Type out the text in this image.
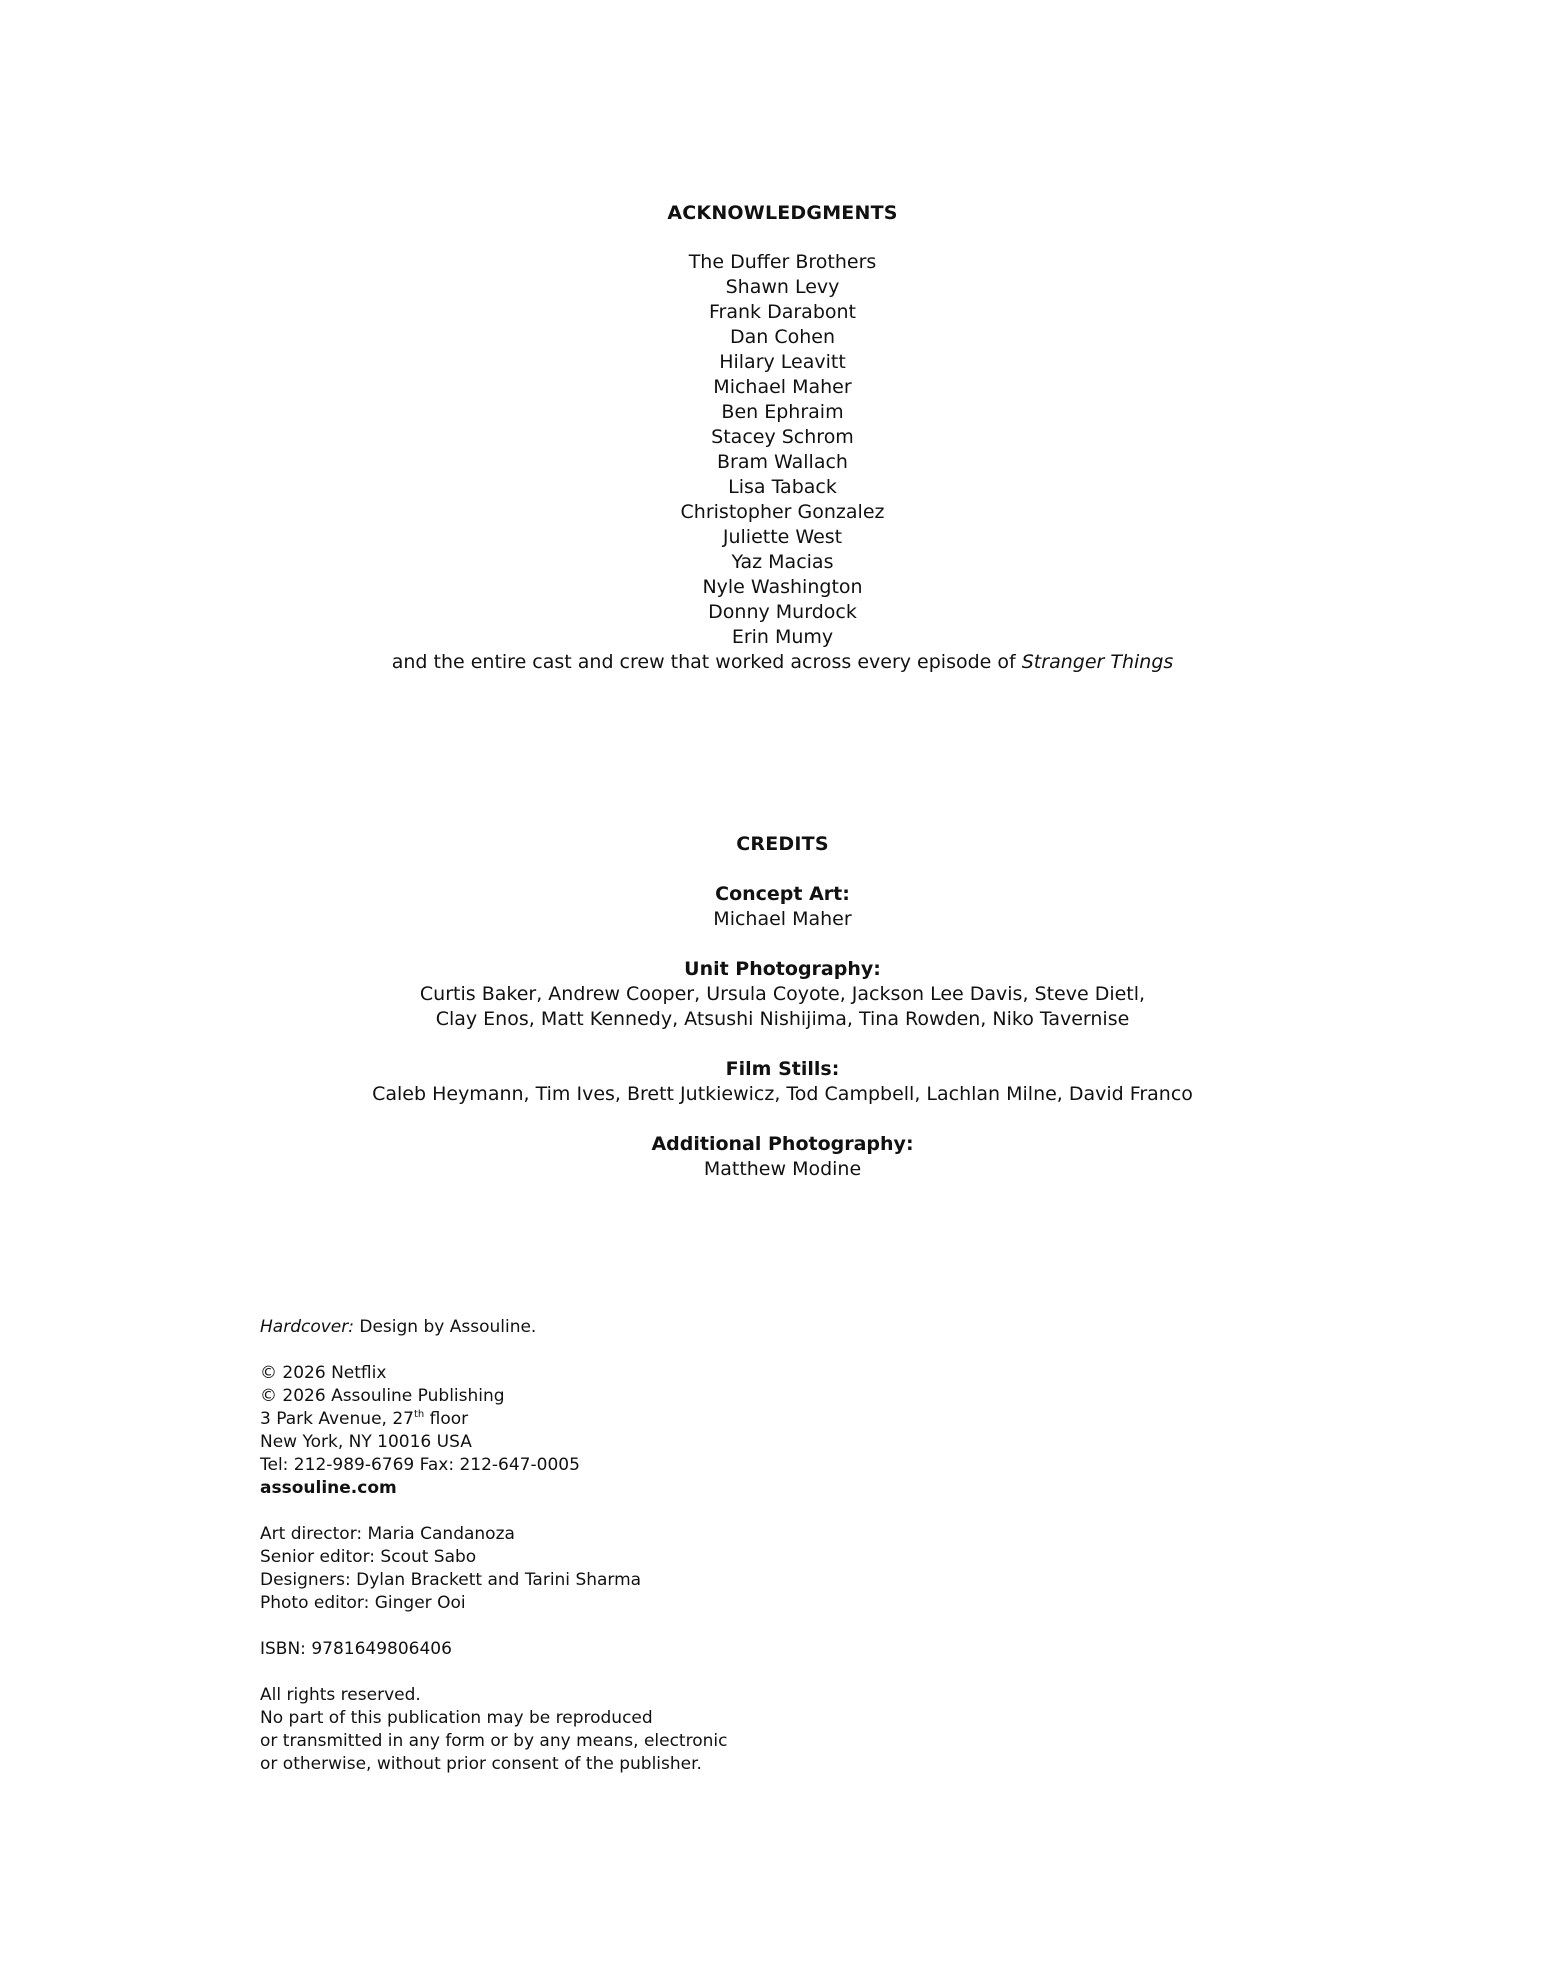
ACKNOWLEDGMENTS
The Duffer Brothers
Shawn Levy
Frank Darabont
Dan Cohen
Hilary Leavitt
Michael Maher
Ben Ephraim
Stacey Schrom
Bram Wallach
Lisa Taback
Christopher Gonzalez
Juliette West
Yaz Macias
Nyle Washington
Donny Murdock
Erin Mumy
and the entire cast and crew that worked across every episode of Stranger Things
CREDITS
Concept Art:
Michael Maher
Unit Photography:
Curtis Baker, Andrew Cooper, Ursula Coyote, Jackson Lee Davis, Steve Dietl,
Clay Enos, Matt Kennedy, Atsushi Nishijima, Tina Rowden, Niko Tavernise
Film Stills:
Caleb Heymann, Tim Ives, Brett Jutkiewicz, Tod Campbell, Lachlan Milne, David Franco
Additional Photography:
Matthew Modine
Hardcover: Design by Assouline.
© 2026 Netflix
© 2026 Assouline Publishing
3 Park Avenue, 27th floor
New York, NY 10016 USA
Tel: 212-989-6769 Fax: 212-647-0005
assouline.com
Art director: Maria Candanoza
Senior editor: Scout Sabo
Designers: Dylan Brackett and Tarini Sharma
Photo editor: Ginger Ooi
ISBN: 9781649806406
All rights reserved.
No part of this publication may be reproduced
or transmitted in any form or by any means, electronic
or otherwise, without prior consent of the publisher.
